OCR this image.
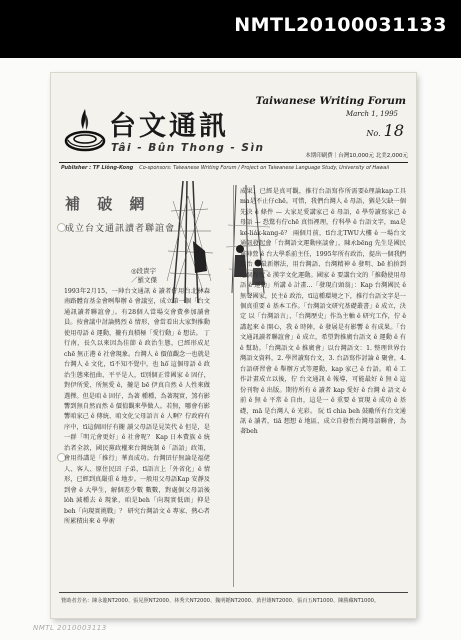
NMTL20100031133
台文通訊
Tâi - Bûn Thong - Sìn
Taiwanese Writing Forum
March 1, 1995
No. 18
本期印刷費｜台灣10,000元 北美2,000元
Publisher : TF Liông-Kong Co-sponsors: Taiwanese Writing Forum / Project on Taiwanese Language Study, University of Hawaii
補 破 網
成立台文通訊讀者聯誼會
◎段貴宇
／羅文傑

1993年2月15，一陣台文通訊 ê 讀者佇用台北林森南路體育基金會咧舉辦 ê 會議室，成立第一個「台文通訊讀者聯誼會」。有28個人當場交會費參加讀會員。按會議中討論熱烈 ê 情形，會當看出大家對推動使用母語 ê 運動，攏有真積極「愛行動」ê 想法。 丁行南，長久以來因為佳節 ê 政治生態，已經形成足chē 無正港 ê 社會現象。台灣人 ê 價值觀念一也就是台灣人 ê 文化，tī不知不覺中，也 hō͘ 這個母語 ê 政治生態來扭曲、平平是人，tī別個正常國家 ê 固仔，對伊所愛、所無愛 ê，攏是 bē 伊真自然 ê 人性來做選擇。但是咱 ê 固仔，為著 種種，為著現實，煞有影響到無自然而然 ê 價值觀來學做人。若無，哪會有影響咱家己 ê 傳統、咱文化父母語言 ê 人啊？佇政府有序中，tī這個固仔有攏 讀父母語是見笑代 ê 但是，是一群「明元會更好」ê 社會呢？ Kap 日本費族 ê 統治者全款，國民黨政權來台灣統制 ê「語語」政策，會用得講是「推行」華真成功。台灣囝仔無論是福佬人、客人、原住民囝 子弟，tī語言上「外省化」ê 情形，已經到真嚴重 ê 地步。一般用父母語Kap 安靜及到會 ê 大學生，解個差少數 數數，對處個父母語後lo̍h 減種去 ê 現象，咱是beh「向現實低頭」抑是beh「向現實挑戰」？ 研究台灣語文 ê 專家、熱心者所累積出來 ê 學術

成果，已經是真可觀，推行台語寫作所需要ê理論kap工具ma是不止仔chē。可惜，我們台灣人 ê 母語，猶是欠缺一個先決 ê 條件 — 大家足愛講家己 ê 母語，ē 學勞讀寫家己 ê 母語 — 恐驚有佇chē 真悟裡理，佇科學 ê 台語文字，ma是ke-lia̍k-kang-ē？ 兩個月前，tī台北TWU大樓 ê 一場台文通訊發起會「台灣語文運動座談會」，陳永bēng 先生是國民黨陣營 ê 台大學系前主任，1995年所有政治，提出一個我們政治 ê 最新辦法，用台灣語、台灣精神 ê 發明、bē 拍拚到這個程度 ê 漢字文化運動。國家 ê 要講台文的「推動使用母語 ê 運動」所講 ê 計畫...「發現白頭翁」：Kap 台灣國民 ê 無聲國家，民主ê 政治，tī這種環境之下，推行台語文字是一個真重要 ê 基本工作。「台灣語文研究基礎叢書」ê 成立，決定 以「台灣語言」、「台灣歷史」作為主軸 ê 研究工作，佇 ê 講起來 ê 開心，我 ê 時陣，ê 發展是有影響 ê 有成果。「台文通訊讀者聯誼會」ê 成立，希望對推廣台語文 ê 運動 ê 有 ê 幫助。「台灣語文 ê 推廣會」以台灣語文：1. 整理世界台灣語文資料，2. 學習讀寫台文，3. 台語寫作討論 ê 聚會，4. 台語研習會 ê 舉辦方式等運動，kap 家己 ê 台語。咱 ê 工作計畫成立以後，佇 台文通訊 ê 報導，可能最好 ê 無 ê 這份刊物 ê 出版。期待所有 ê 讀者 kap 愛好 ê 台灣 ê 語文 ê 前 ê 無 ê 平常 ê 自由，這是一 ê 重要 ê 實現 ê 成功 ê 基礎，mā 是台灣人 ê 光彩。 阮 tī chia beh 鼓勵所有台文通訊 ê 讀者，tiā 想想 ê 地區，成立自發性台灣母語聯會，為著beh

贊助者芳名：陳永龍NT2000、張晃照NT2000、林秀夫NT2000、魏明韜NT2000、黃世雄NT2000、張百五NT1000、陳勝藏NT1000。
NMTL 2010003113
